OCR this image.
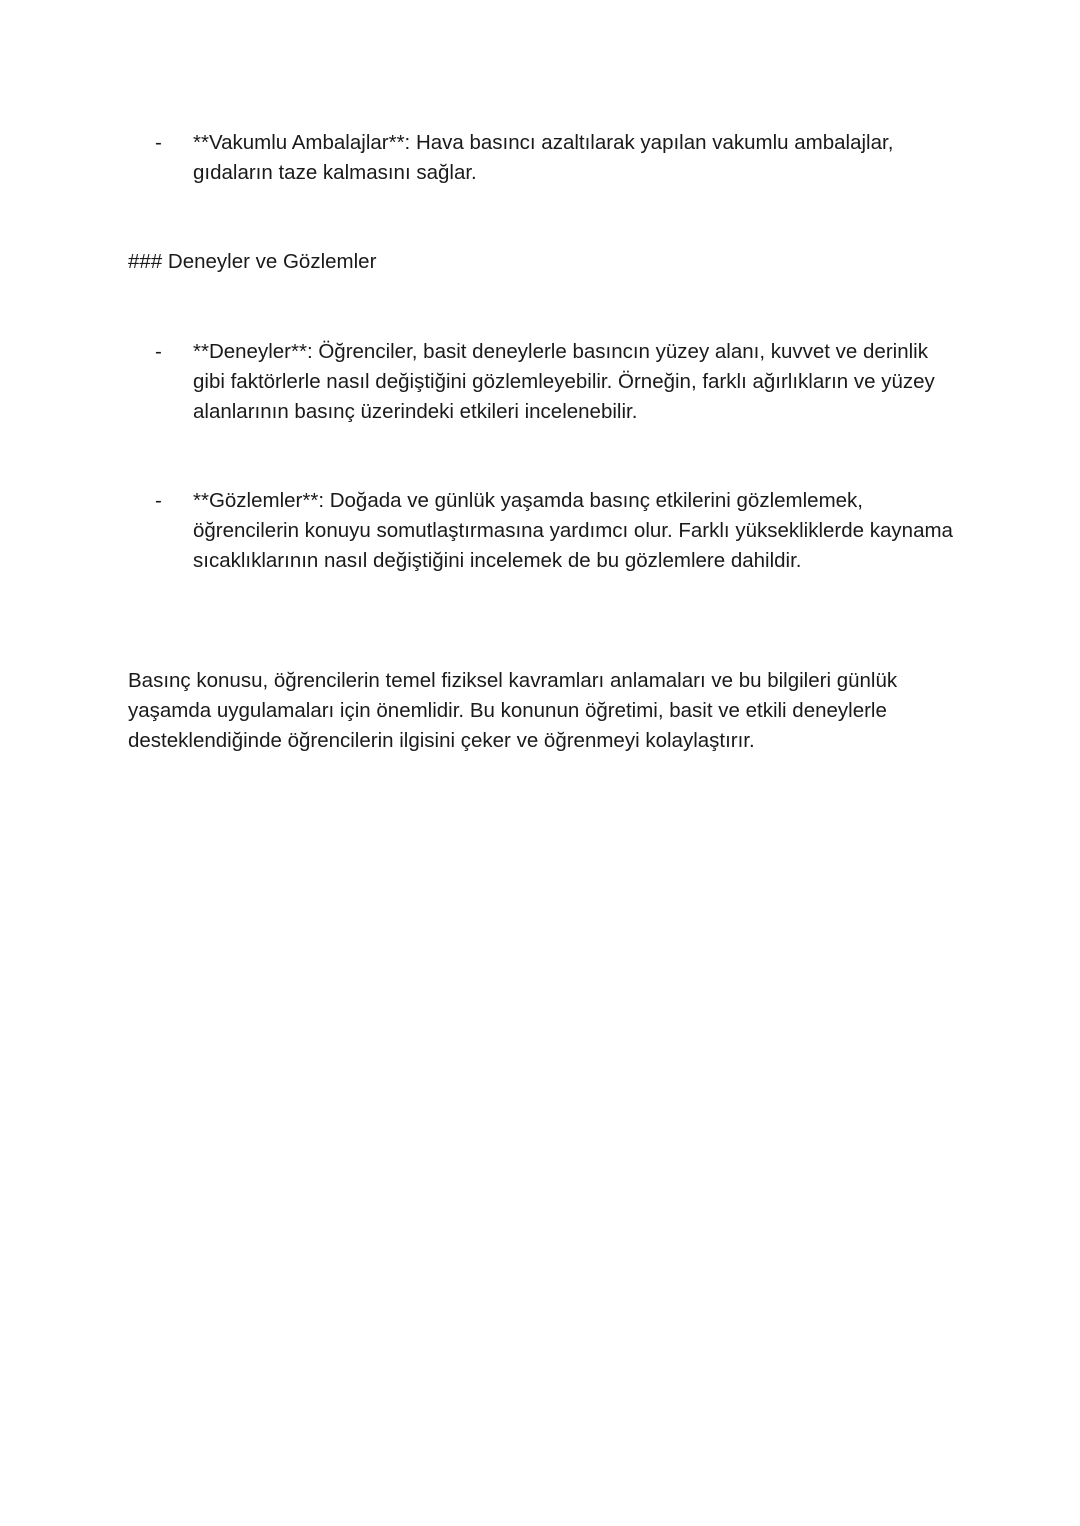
-	**Vakumlu Ambalajlar**: Hava basıncı azaltılarak yapılan vakumlu ambalajlar, gıdaların taze kalmasını sağlar.
### Deneyler ve Gözlemler
-	**Deneyler**: Öğrenciler, basit deneylerle basıncın yüzey alanı, kuvvet ve derinlik gibi faktörlerle nasıl değiştiğini gözlemleyebilir. Örneğin, farklı ağırlıkların ve yüzey alanlarının basınç üzerindeki etkileri incelenebilir.
-	**Gözlemler**: Doğada ve günlük yaşamda basınç etkilerini gözlemlemek, öğrencilerin konuyu somutlaştırmasına yardımcı olur. Farklı yüksekliklerde kaynama sıcaklıklarının nasıl değiştiğini incelemek de bu gözlemlere dahildir.

Basınç konusu, öğrencilerin temel fiziksel kavramları anlamaları ve bu bilgileri günlük yaşamda uygulamaları için önemlidir. Bu konunun öğretimi, basit ve etkili deneylerle desteklendiğinde öğrencilerin ilgisini çeker ve öğrenmeyi kolaylaştırır.
